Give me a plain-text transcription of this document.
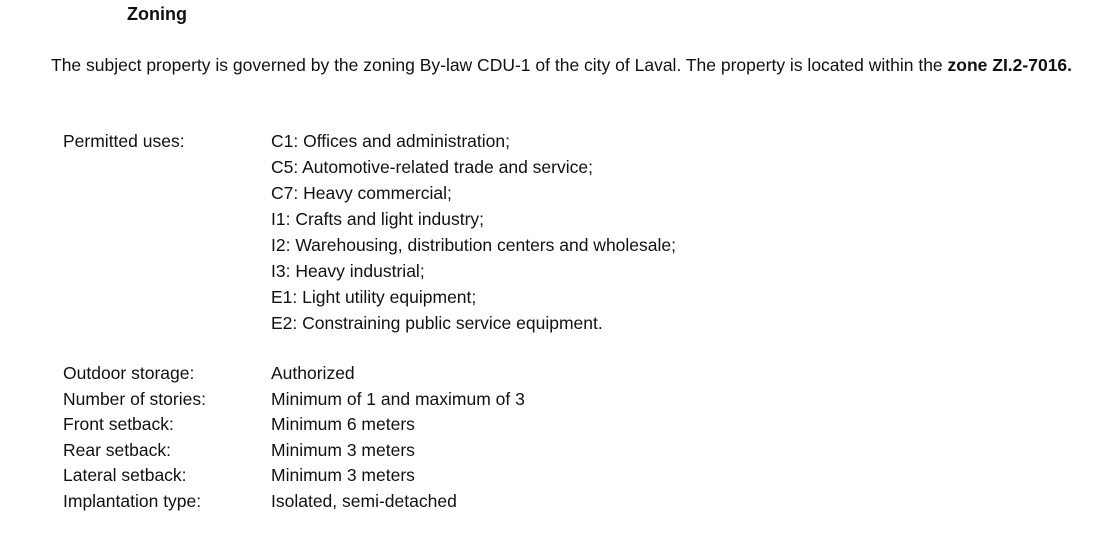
Zoning

The subject property is governed by the zoning By-law CDU-1 of the city of Laval. The property is located within the zone ZI.2-7016.

Permitted uses:	C1: Offices and administration;
C5: Automotive-related trade and service;
C7: Heavy commercial;
I1: Crafts and light industry;
I2: Warehousing, distribution centers and wholesale;
I3: Heavy industrial;
E1: Light utility equipment;
E2: Constraining public service equipment.
Outdoor storage:	Authorized
Number of stories:	Minimum of 1 and maximum of 3
Front setback:	Minimum 6 meters
Rear setback:	Minimum 3 meters
Lateral setback:	Minimum 3 meters
Implantation type:	Isolated, semi-detached
